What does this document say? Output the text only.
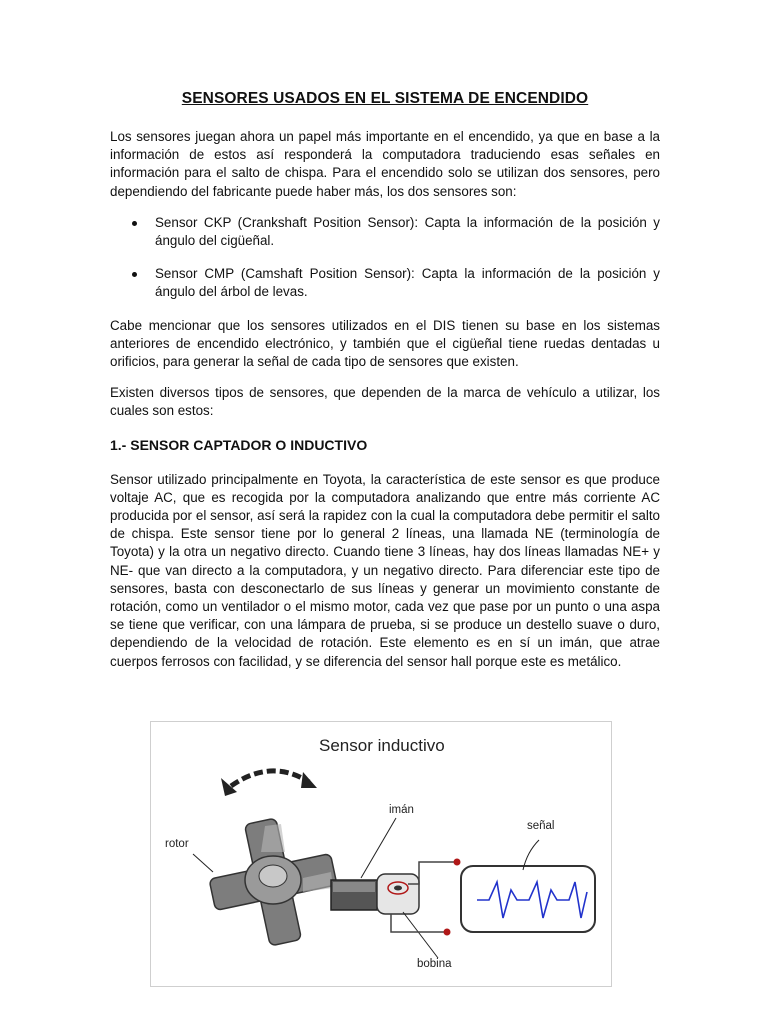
SENSORES USADOS EN EL SISTEMA DE ENCENDIDO

Los sensores juegan ahora un papel más importante en el encendido, ya que en base a la información de estos así responderá la computadora traduciendo esas señales en información para el salto de chispa. Para el encendido solo se utilizan dos sensores, pero dependiendo del fabricante puede haber más, los dos sensores son:

Sensor CKP (Crankshaft Position Sensor): Capta la información de la posición y ángulo del cigüeñal.
Sensor CMP (Camshaft Position Sensor): Capta la información de la posición y ángulo del árbol de levas.

Cabe mencionar que los sensores utilizados en el DIS tienen su base en los sistemas anteriores de encendido electrónico, y también que el cigüeñal tiene ruedas dentadas u orificios, para generar la señal de cada tipo de sensores que existen.

Existen diversos tipos de sensores, que dependen de la marca de vehículo a utilizar, los cuales son estos:

1.- SENSOR CAPTADOR O INDUCTIVO

Sensor utilizado principalmente en Toyota, la característica de este sensor es que produce voltaje AC, que es recogida por la computadora analizando que entre más corriente AC producida por el sensor, así será la rapidez con la cual la computadora debe permitir el salto de chispa. Este sensor tiene por lo general 2 líneas, una llamada NE (terminología de Toyota) y la otra un negativo directo. Cuando tiene 3 líneas, hay dos líneas llamadas NE+ y NE- que van directo a la computadora, y un negativo directo. Para diferenciar este tipo de sensores, basta con desconectarlo de sus líneas y generar un movimiento constante de rotación, como un ventilador o el mismo motor, cada vez que pase por un punto o una aspa se tiene que verificar, con una lámpara de prueba, si se produce un destello suave o duro, dependiendo de la velocidad de rotación. Este elemento es en sí un imán, que atrae cuerpos ferrosos con facilidad, y se diferencia del sensor hall porque este es metálico.

Sensor inductivo
rotor
imán
señal
bobina
